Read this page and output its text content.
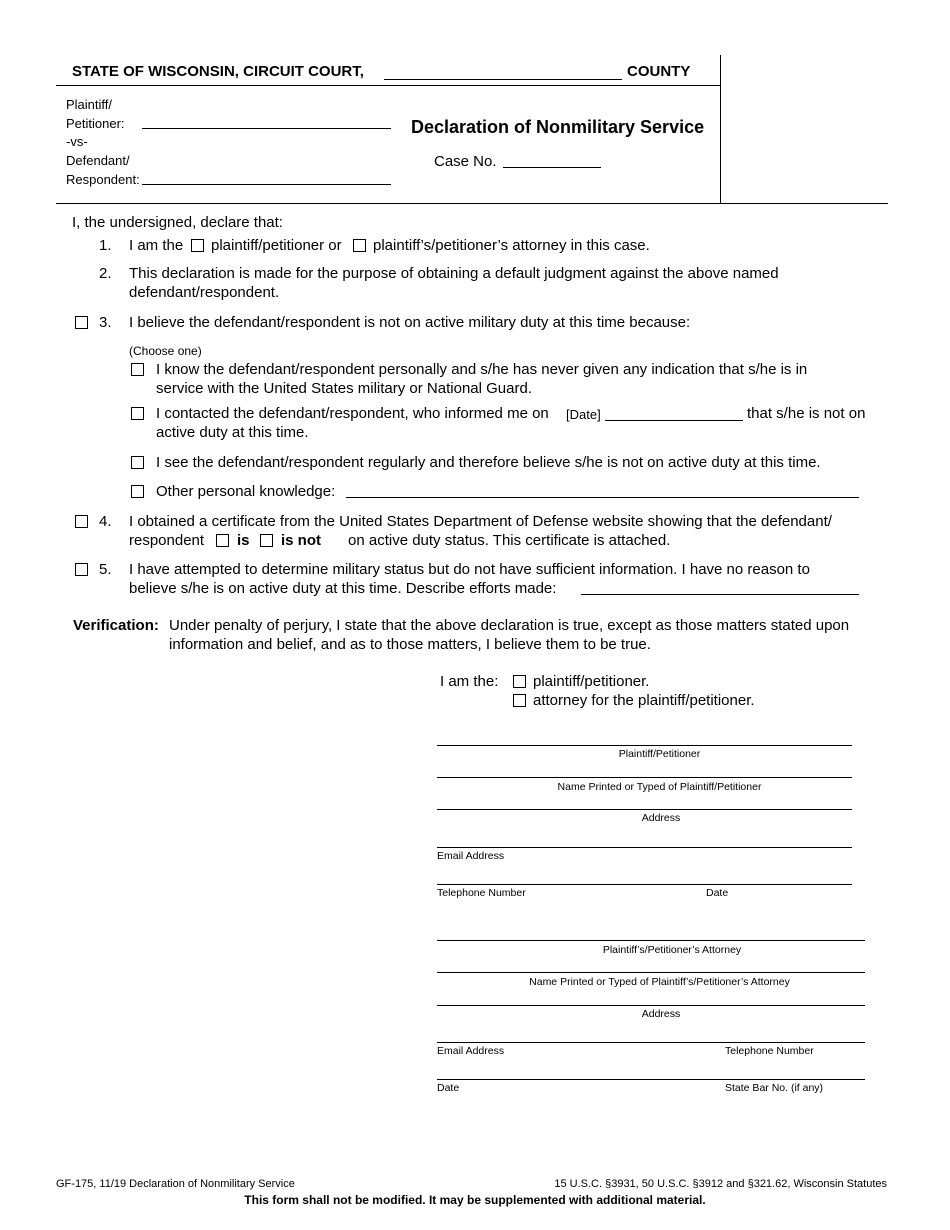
STATE OF WISCONSIN, CIRCUIT COURT,	COUNTY
Plaintiff/
Petitioner:
-vs-
Defendant/
Respondent:
Declaration of Nonmilitary Service
Case No.
I, the undersigned, declare that:
1. I am the plaintiff/petitioner or plaintiff’s/petitioner’s attorney in this case.
2. This declaration is made for the purpose of obtaining a default judgment against the above named
defendant/respondent.
3. I believe the defendant/respondent is not on active military duty at this time because:
(Choose one)
I know the defendant/respondent personally and s/he has never given any indication that s/he is in
service with the United States military or National Guard.
I contacted the defendant/respondent, who informed me on [Date]	that s/he is not on
active duty at this time.
I see the defendant/respondent regularly and therefore believe s/he is not on active duty at this time.
Other personal knowledge:
4. I obtained a certificate from the United States Department of Defense website showing that the defendant/
respondent is is not on active duty status. This certificate is attached.
5. I have attempted to determine military status but do not have sufficient information. I have no reason to
believe s/he is on active duty at this time. Describe efforts made:
Verification: Under penalty of perjury, I state that the above declaration is true, except as those matters stated upon
information and belief, and as to those matters, I believe them to be true.
I am the: plaintiff/petitioner.
attorney for the plaintiff/petitioner.
Plaintiff/Petitioner
Name Printed or Typed of Plaintiff/Petitioner
Address
Email Address
Telephone Number	Date
Plaintiff’s/Petitioner’s Attorney
Name Printed or Typed of Plaintiff’s/Petitioner’s Attorney
Address
Email Address	Telephone Number
Date	State Bar No. (if any)
GF-175, 11/19 Declaration of Nonmilitary Service	15 U.S.C. §3931, 50 U.S.C. §3912 and §321.62, Wisconsin Statutes
This form shall not be modified. It may be supplemented with additional material.
